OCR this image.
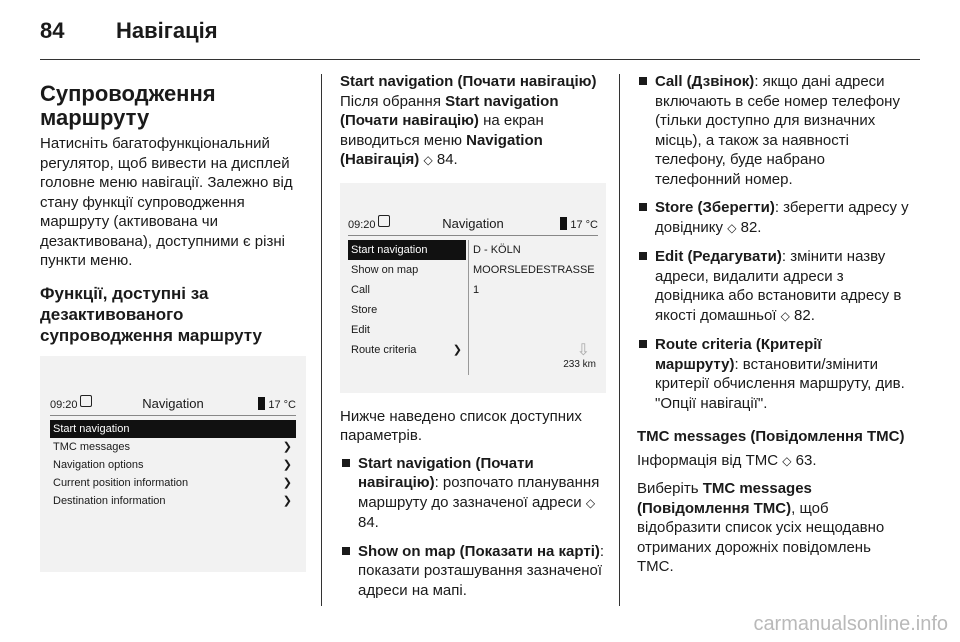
84 Навігація
Супроводження маршруту

Натисніть багатофункціональний регулятор, щоб вивести на дисплей головне меню навігації. Залежно від стану функції супроводження маршруту (активована чи дезактивована), доступними є різні пункти меню.

Функції, доступні за дезактивованого супроводження маршруту
09:20	Navigation	17 °C
Start navigation
TMC messages	❯
Navigation options	❯
Current position information	❯
Destination information	❯
Start navigation (Почати навігацію)

Після обрання Start navigation (Почати навігацію) на екран виводиться меню Navigation (Навігація) ◇ 84.

09:20	Navigation	17 °C
Start navigation
Show on map
Call
Store
Edit
Route criteria	❯
D - KÖLN
MOORSLEDESTRASSE
1
⇩
233 km

Нижче наведено список доступних параметрів.

Start navigation (Почати навігацію): розпочато планування маршруту до зазначеної адреси ◇ 84.
Show on map (Показати на карті): показати розташування зазначеної адреси на мапі.
Call (Дзвінок): якщо дані адреси включають в себе номер телефону (тільки доступно для визначних місць), а також за наявності телефону, буде набрано телефонний номер.
Store (Зберегти): зберегти адресу у довіднику ◇ 82.
Edit (Редагувати): змінити назву адреси, видалити адреси з довідника або встановити адресу в якості домашньої ◇ 82.
Route criteria (Критерії маршруту): встановити/змінити критерії обчислення маршруту, див. "Опції навігації".
TMC messages (Повідомлення TMC)

Інформація від TMC ◇ 63.

Виберіть TMC messages (Повідомлення TMC), щоб відобразити список усіх нещодавно отриманих дорожніх повідомлень TMC.

carmanualsonline.info
